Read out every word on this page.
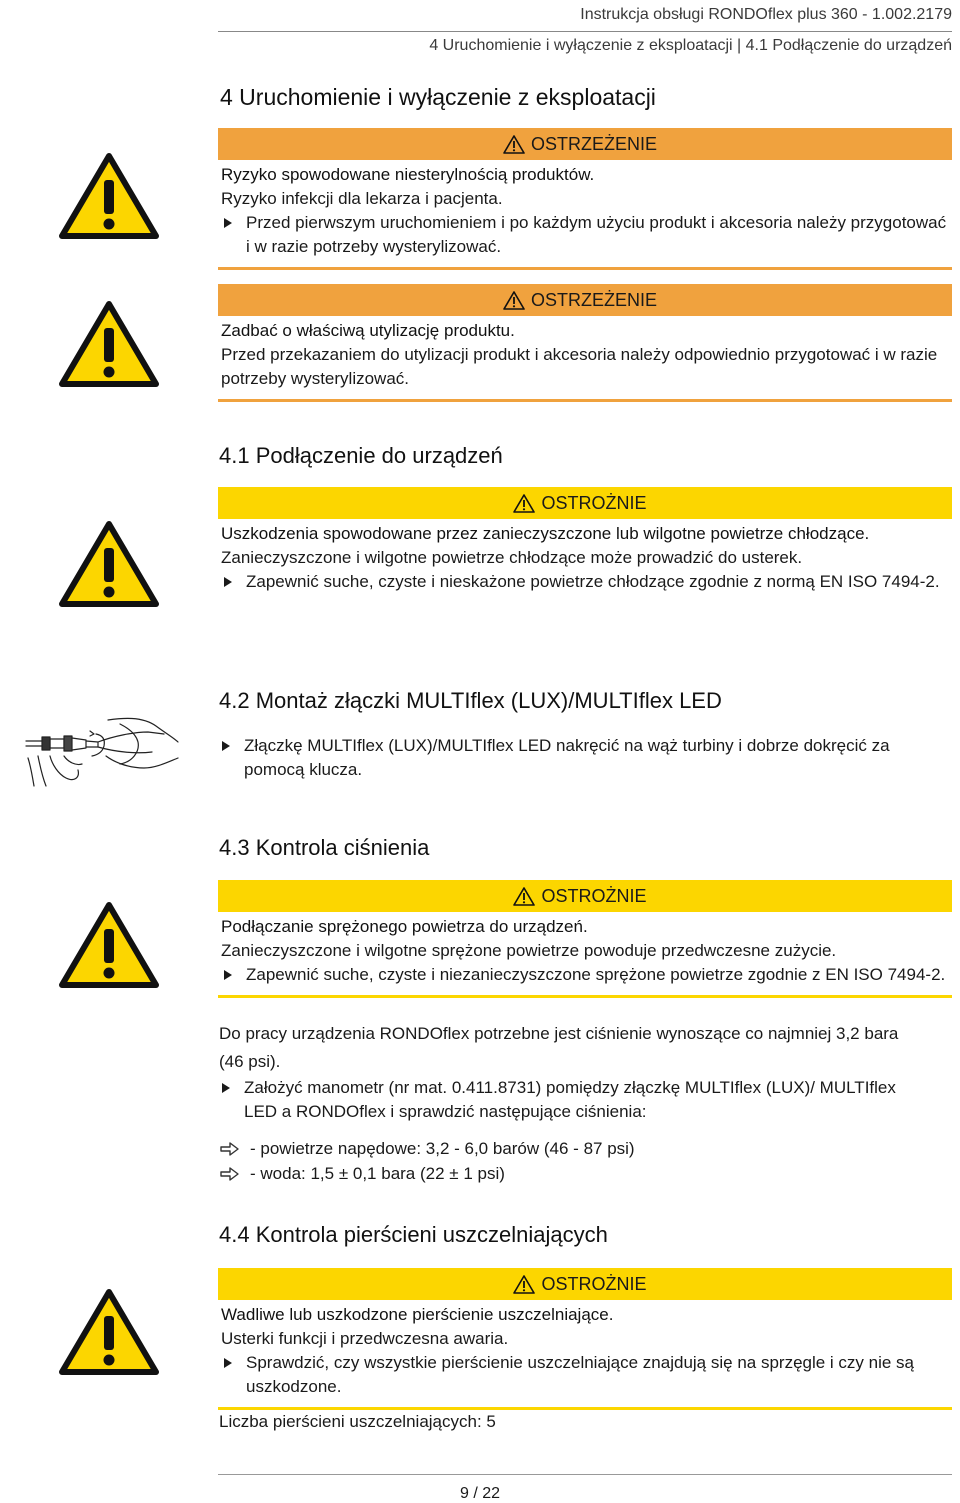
Instrukcja obsługi RONDOflex plus 360 - 1.002.2179
4 Uruchomienie i wyłączenie z eksploatacji | 4.1 Podłączenie do urządzeń
4 Uruchomienie i wyłączenie z eksploatacji
OSTRZEŻENIE
Ryzyko spowodowane niesterylnością produktów.
Ryzyko infekcji dla lekarza i pacjenta.
Przed pierwszym uruchomieniem i po każdym użyciu produkt i akcesoria należy przygotować i w razie potrzeby wysterylizować.
OSTRZEŻENIE
Zadbać o właściwą utylizację produktu.
Przed przekazaniem do utylizacji produkt i akcesoria należy odpowiednio przygotować i w razie potrzeby wysterylizować.
4.1 Podłączenie do urządzeń
OSTROŻNIE
Uszkodzenia spowodowane przez zanieczyszczone lub wilgotne powietrze chłodzące.
Zanieczyszczone i wilgotne powietrze chłodzące może prowadzić do usterek.
Zapewnić suche, czyste i nieskażone powietrze chłodzące zgodnie z normą EN ISO 7494-2.
4.2 Montaż złączki MULTIflex (LUX)/MULTIflex LED
Złączkę MULTIflex (LUX)/MULTIflex LED nakręcić na wąż turbiny i dobrze dokręcić za pomocą klucza.
4.3 Kontrola ciśnienia
OSTROŻNIE
Podłączanie sprężonego powietrza do urządzeń.
Zanieczyszczone i wilgotne sprężone powietrze powoduje przedwczesne zużycie.
Zapewnić suche, czyste i niezanieczyszczone sprężone powietrze zgodnie z EN ISO 7494-2.
Do pracy urządzenia RONDOflex potrzebne jest ciśnienie wynoszące co najmniej 3,2 bara (46 psi).
Założyć manometr (nr mat. 0.411.8731) pomiędzy złączkę MULTIflex (LUX)/ MULTIflex LED a RONDOflex i sprawdzić następujące ciśnienia:
- powietrze napędowe: 3,2 - 6,0 barów (46 - 87 psi)
- woda: 1,5 ± 0,1 bara (22 ± 1 psi)
4.4 Kontrola pierścieni uszczelniających
OSTROŻNIE
Wadliwe lub uszkodzone pierścienie uszczelniające.
Usterki funkcji i przedwczesna awaria.
Sprawdzić, czy wszystkie pierścienie uszczelniające znajdują się na sprzęgle i czy nie są uszkodzone.
Liczba pierścieni uszczelniających: 5
9 / 22
